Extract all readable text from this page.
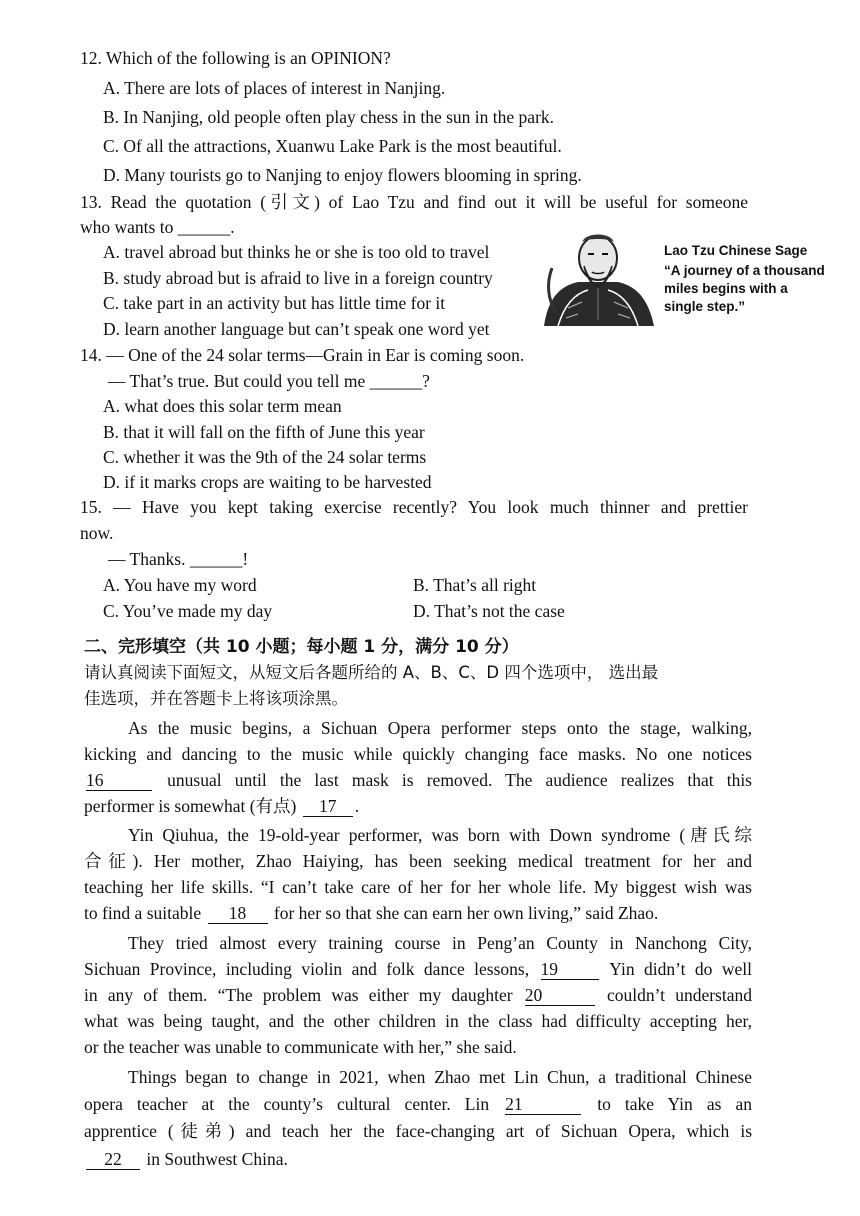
12. Which of the following is an OPINION?
A. There are lots of places of interest in Nanjing.
B. In Nanjing, old people often play chess in the sun in the park.
C. Of all the attractions, Xuanwu Lake Park is the most beautiful.
D. Many tourists go to Nanjing to enjoy flowers blooming in spring.
13. Read the quotation (引文) of Lao Tzu and find out it will be useful for someone
who wants to ______.
A. travel abroad but thinks he or she is too old to travel
B. study abroad but is afraid to live in a foreign country
C. take part in an activity but has little time for it
D. learn another language but can’t speak one word yet
Lao Tzu Chinese Sage
“A journey of a thousand
miles begins with a
single step.”
14. — One of the 24 solar terms—Grain in Ear is coming soon.
— That’s true. But could you tell me ______?
A. what does this solar term mean
B. that it will fall on the fifth of June this year
C. whether it was the 9th of the 24 solar terms
D. if it marks crops are waiting to be harvested
15. — Have you kept taking exercise recently? You look much thinner and prettier
now.
— Thanks. ______!
A. You have my word	B. That’s all right
C. You’ve made my day	D. That’s not the case
二、完形填空（共 10 小题；每小题 1 分，满分 10 分）
请认真阅读下面短文，从短文后各题所给的 A、B、C、D 四个选项中， 选出最
佳选项，并在答题卡上将该项涂黑。
As the music begins, a Sichuan Opera performer steps onto the stage, walking,
kicking and dancing to the music while quickly changing face masks. No one notices
16	unusual until the last mask is removed. The audience realizes that this
performer is somewhat (有点) 17 .
Yin Qiuhua, the 19-old-year performer, was born with Down syndrome (唐氏综
合征). Her mother, Zhao Haiying, has been seeking medical treatment for her and
teaching her life skills. “I can’t take care of her for her whole life. My biggest wish was
to find a suitable 18 for her so that she can earn her own living,” said Zhao.
They tried almost every training course in Peng’an County in Nanchong City,
Sichuan Province, including violin and folk dance lessons, 19 Yin didn’t do well
in any of them. “The problem was either my daughter 20	couldn’t understand
what was being taught, and the other children in the class had difficulty accepting her,
or the teacher was unable to communicate with her,” she said.
Things began to change in 2021, when Zhao met Lin Chun, a traditional Chinese
opera teacher at the county’s cultural center. Lin 21	to take Yin as an
apprentice (徒弟) and teach her the face-changing art of Sichuan Opera, which is
22 in Southwest China.
